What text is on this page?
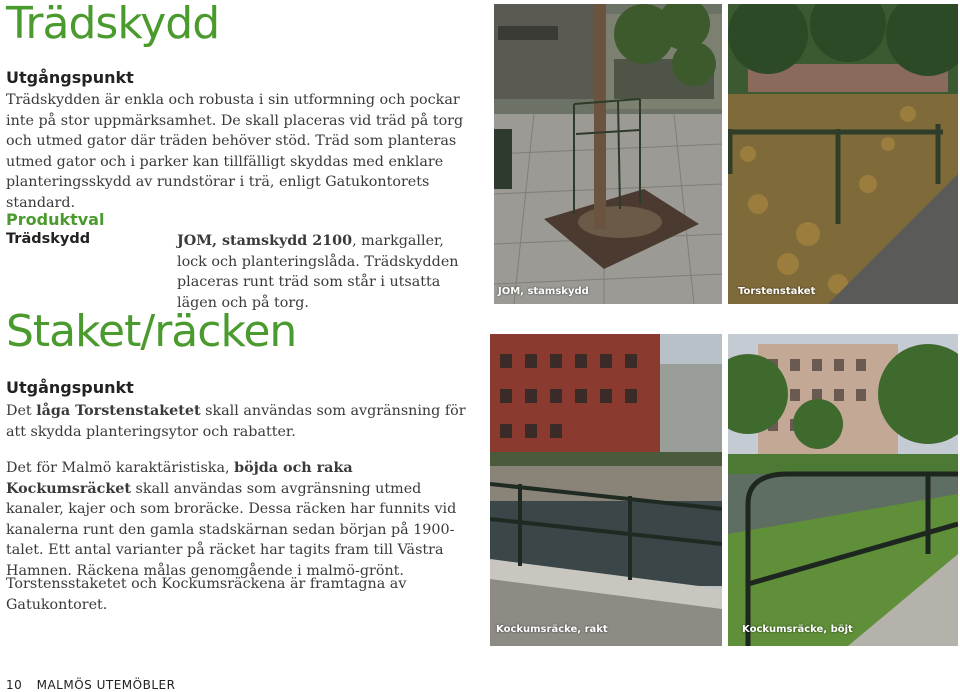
Trädskydd
Utgångspunkt
Trädskydden är enkla och robusta i sin utformning och pockar inte på stor uppmärksamhet. De skall placeras vid träd på torg och utmed gator där träden behöver stöd. Träd som planteras utmed gator och i parker kan tillfälligt skyddas med enklare planteringsskydd av rundstörar i trä, enligt Gatukontorets standard.
Produktval
Trädskydd	JOM, stamskydd 2100, markgaller, lock och planteringslåda. Trädskydden placeras runt träd som står i utsatta lägen och på torg.
Staket/räcken
Utgångspunkt
Det låga Torstenstaketet skall användas som avgränsning för att skydda planteringsytor och rabatter.
Det för Malmö karaktäristiska, böjda och raka Kockumsräcket skall användas som avgränsning utmed kanaler, kajer och som broräcke. Dessa räcken har funnits vid kanalerna runt den gamla stadskärnan sedan början på 1900-talet. Ett antal varianter på räcket har tagits fram till Västra Hamnen. Räckena målas genomgående i malmö-grönt.
Torstensstaketet och Kockumsräckena är framtagna av Gatukontoret.
JOM, stamskydd	Torstenstaket
Kockumsräcke, rakt	Kockumsräcke, böjt
10 MALMÖS UTEMÖBLER
